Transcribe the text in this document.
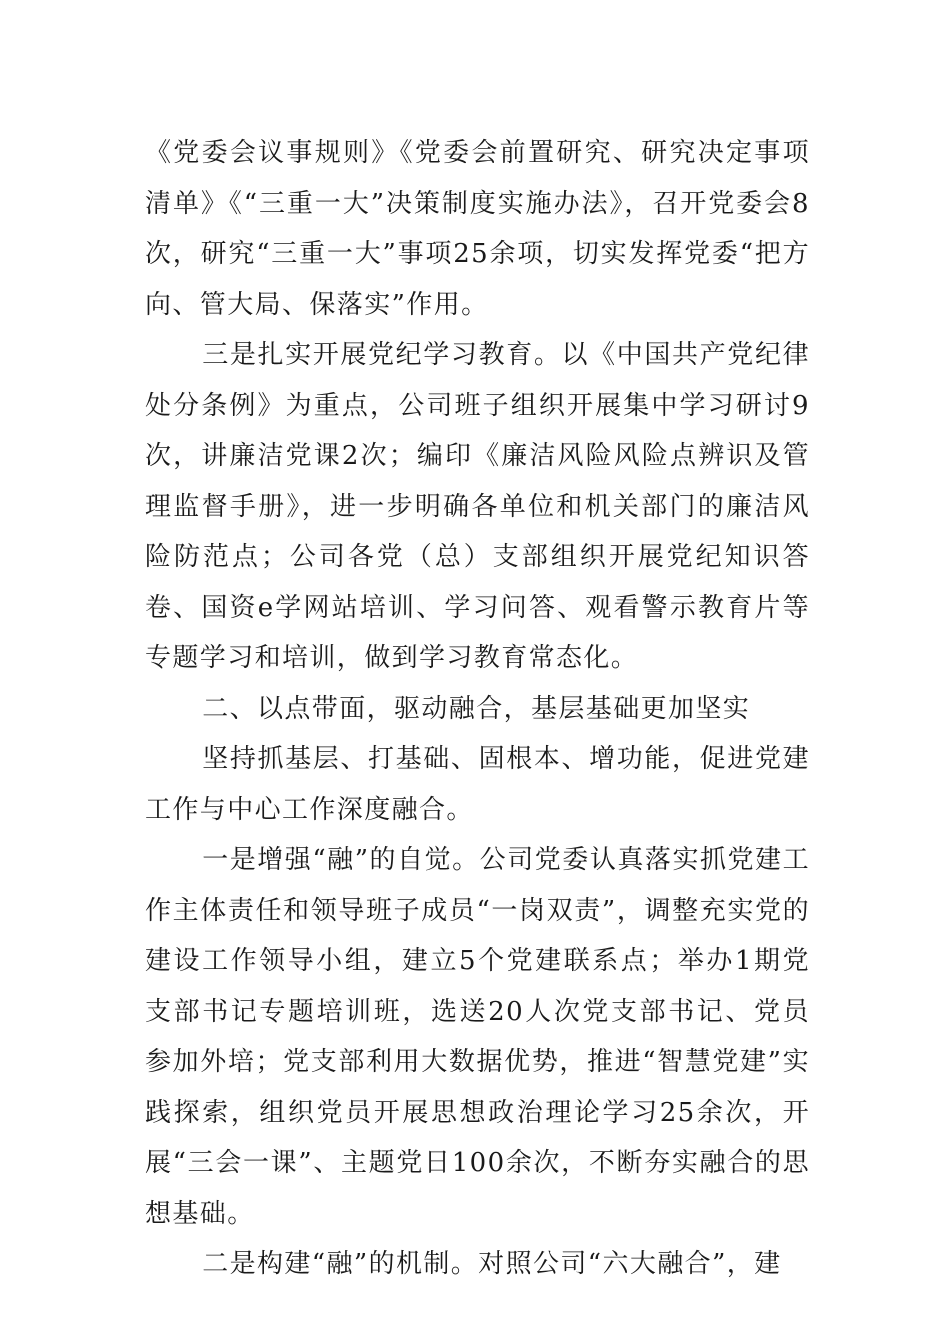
《党委会议事规则》《党委会前置研究、研究决定事项清单》《“三重一大”决策制度实施办法》，召开党委会8次，研究“三重一大”事项25余项，切实发挥党委“把方向、管大局、保落实”作用。

三是扎实开展党纪学习教育。以《中国共产党纪律处分条例》为重点，公司班子组织开展集中学习研讨9次，讲廉洁党课2次；编印《廉洁风险风险点辨识及管理监督手册》，进一步明确各单位和机关部门的廉洁风险防范点；公司各党（总）支部组织开展党纪知识答卷、国资e学网站培训、学习问答、观看警示教育片等专题学习和培训，做到学习教育常态化。

二、以点带面，驱动融合，基层基础更加坚实

坚持抓基层、打基础、固根本、增功能，促进党建工作与中心工作深度融合。

一是增强“融”的自觉。公司党委认真落实抓党建工作主体责任和领导班子成员“一岗双责”，调整充实党的建设工作领导小组，建立5个党建联系点；举办1期党支部书记专题培训班，选送20人次党支部书记、党员参加外培；党支部利用大数据优势，推进“智慧党建”实践探索，组织党员开展思想政治理论学习25余次，开展“三会一课”、主题党日100余次，不断夯实融合的思想基础。

二是构建“融”的机制。对照公司“六大融合”，建
